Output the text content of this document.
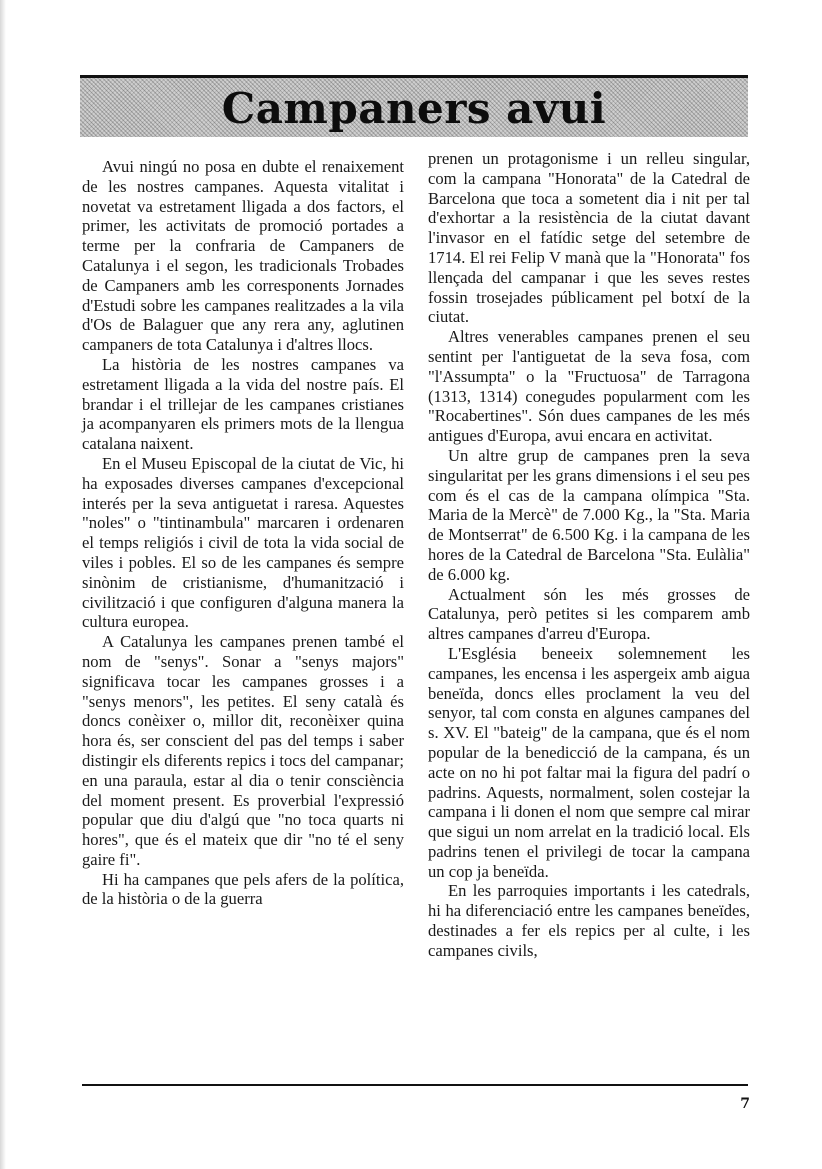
Campaners avui

Avui ningú no posa en dubte el renaixement de les nostres campanes. Aquesta vitalitat i novetat va estretament lligada a dos factors, el primer, les activitats de promoció portades a terme per la confraria de Campaners de Catalunya i el segon, les tradicionals Trobades de Campaners amb les corresponents Jornades d'Estudi sobre les campanes realitzades a la vila d'Os de Balaguer que any rera any, aglutinen campaners de tota Catalunya i d'altres llocs.

La història de les nostres campanes va estretament lligada a la vida del nostre país. El brandar i el trillejar de les campanes cristianes ja acompanyaren els primers mots de la llengua catalana naixent.

En el Museu Episcopal de la ciutat de Vic, hi ha exposades diverses campanes d'excepcional interés per la seva antiguetat i raresa. Aquestes "noles" o "tintinambula" marcaren i ordenaren el temps religiós i civil de tota la vida social de viles i pobles. El so de les campanes és sempre sinònim de cristianisme, d'humanització i civilització i que configuren d'alguna manera la cultura europea.

A Catalunya les campanes prenen també el nom de "senys". Sonar a "senys majors" significava tocar les campanes grosses i a "senys menors", les petites. El seny català és doncs conèixer o, millor dit, reconèixer quina hora és, ser conscient del pas del temps i saber distingir els diferents repics i tocs del campanar; en una paraula, estar al dia o tenir consciència del moment present. Es proverbial l'expressió popular que diu d'algú que "no toca quarts ni hores", que és el mateix que dir "no té el seny gaire fi".

Hi ha campanes que pels afers de la política, de la història o de la guerra

prenen un protagonisme i un relleu singular, com la campana "Honorata" de la Catedral de Barcelona que toca a sometent dia i nit per tal d'exhortar a la resistència de la ciutat davant l'invasor en el fatídic setge del setembre de 1714. El rei Felip V manà que la "Honorata" fos llençada del campanar i que les seves restes fossin trosejades públicament pel botxí de la ciutat.

Altres venerables campanes prenen el seu sentint per l'antiguetat de la seva fosa, com "l'Assumpta" o la "Fructuosa" de Tarragona (1313, 1314) conegudes popularment com les "Rocabertines". Són dues campanes de les més antigues d'Europa, avui encara en activitat.

Un altre grup de campanes pren la seva singularitat per les grans dimensions i el seu pes com és el cas de la campana olímpica "Sta. Maria de la Mercè" de 7.000 Kg., la "Sta. Maria de Montserrat" de 6.500 Kg. i la campana de les hores de la Catedral de Barcelona "Sta. Eulàlia" de 6.000 kg.

Actualment són les més grosses de Catalunya, però petites si les comparem amb altres campanes d'arreu d'Europa.

L'Església beneeix solemnement les campanes, les encensa i les aspergeix amb aigua beneïda, doncs elles proclament la veu del senyor, tal com consta en algunes campanes del s. XV. El "bateig" de la campana, que és el nom popular de la benedicció de la campana, és un acte on no hi pot faltar mai la figura del padrí o padrins. Aquests, normalment, solen costejar la campana i li donen el nom que sempre cal mirar que sigui un nom arrelat en la tradició local. Els padrins tenen el privilegi de tocar la campana un cop ja beneïda.

En les parroquies importants i les catedrals, hi ha diferenciació entre les campanes beneïdes, destinades a fer els repics per al culte, i les campanes civils,

7
